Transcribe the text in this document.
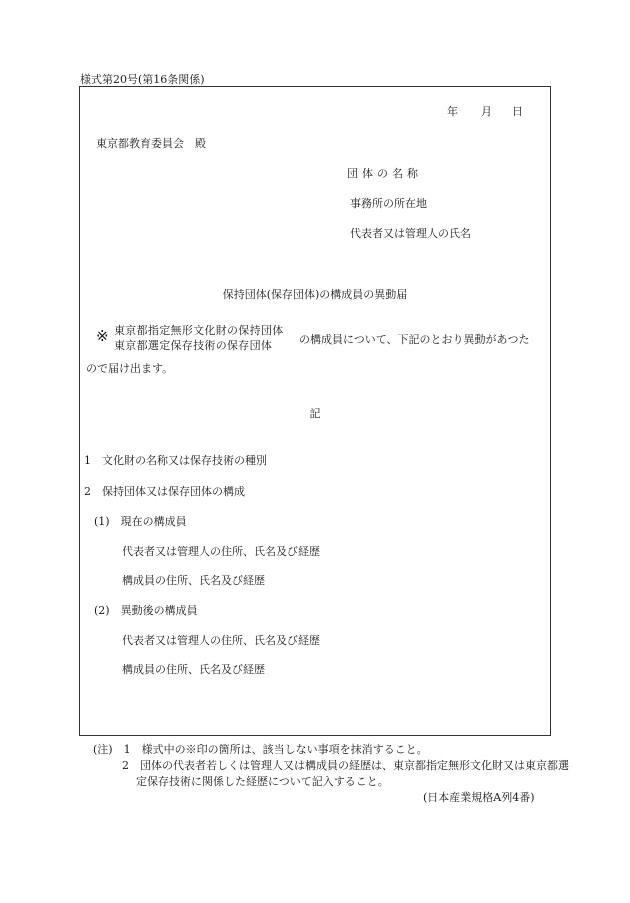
様式第20号(第16条関係)
年 月 日
東京都教育委員会　殿
団体の名称
事務所の所在地
代表者又は管理人の氏名
保持団体(保存団体)の構成員の異動届
※ 東京都指定無形文化財の保持団体
東京都選定保存技術の保存団体 の構成員について、下記のとおり異動があつた
ので届け出ます。
記
1　文化財の名称又は保存技術の種別
2　保持団体又は保存団体の構成
(1)　現在の構成員
代表者又は管理人の住所、氏名及び経歴
構成員の住所、氏名及び経歴
(2)　異動後の構成員
代表者又は管理人の住所、氏名及び経歴
構成員の住所、氏名及び経歴
(注)　1　様式中の※印の箇所は、該当しない事項を抹消すること。
2　団体の代表者若しくは管理人又は構成員の経歴は、東京都指定無形文化財又は東京都選
定保存技術に関係した経歴について記入すること。
(日本産業規格A列4番)
